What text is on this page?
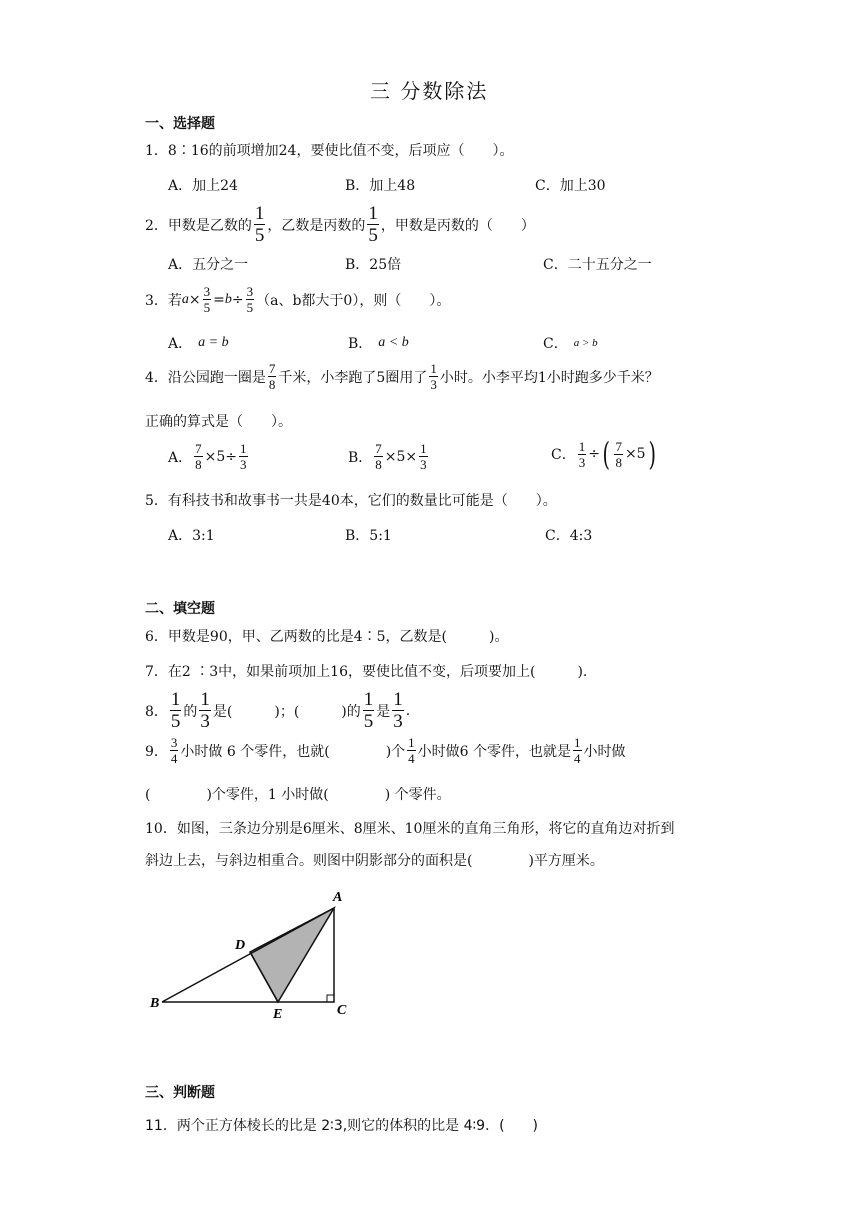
三 分数除法
一、选择题
1． 8∶16的前项增加24，要使比值不变，后项应（　　）。
A．加上24	B．加上48	C．加上30
2． 甲数是乙数的 $\frac{1}{5}$ ，乙数是丙数的 $\frac{1}{5}$ ，甲数是丙数的（　　）
A．五分之一	B．25倍	C．二十五分之一
3． 若 $a \times \frac{3}{5} = b \div \frac{3}{5} (a$、b都大于0），则（　　）。
A． a = b	B． a < b	C． a > b
4． 沿公园跑一圈是 $\frac{7}{8}$ 千米，小李跑了5圈用了 $\frac{1}{3}$ 小时。小李平均1小时跑多少千米？
正确的算式是（　　）。
A． $\frac{7}{8} \times 5\div \frac{1}{3}$	B． $\frac{7}{8} \times 5\times \frac{1}{3}$	C． $\frac{1}{3}$ ÷ ( $\frac{7}{8} \times 5$ )
5． 有科技书和故事书一共是40本，它们的数量比可能是（　　）。
A．3:1	B．5:1	C．4:3
二、填空题
6． 甲数是90，甲、乙两数的比是4∶5，乙数是(　　　)。
7． 在2 ∶3中，如果前项加上16，要使比值不变，后项要加上(　　　).
8． $\frac{1}{5}$ 的 $\frac{1}{3}$ 是(　　　)；(　　　)的 $\frac{1}{5}$ 是 $\frac{1}{3}$ .
9． $\frac{3}{4}$ 小时做 6 个零件，也就(　　　　)个 $\frac{1}{4}$ 小时做6 个零件，也就是 $\frac{1}{4}$ 小时做
(　　　　)个零件，1 小时做(　　　　) 个零件。
10． 如图，三条边分别是6厘米、8厘米、10厘米的直角三角形，将它的直角边对折到
斜边上去，与斜边相重合。则图中阴影部分的面积是(　　　　)平方厘米。
A
B	C
D
E
三、判断题
11． 两个正方体棱长的比是 2∶3,则它的体积的比是 4∶9．(　　)
